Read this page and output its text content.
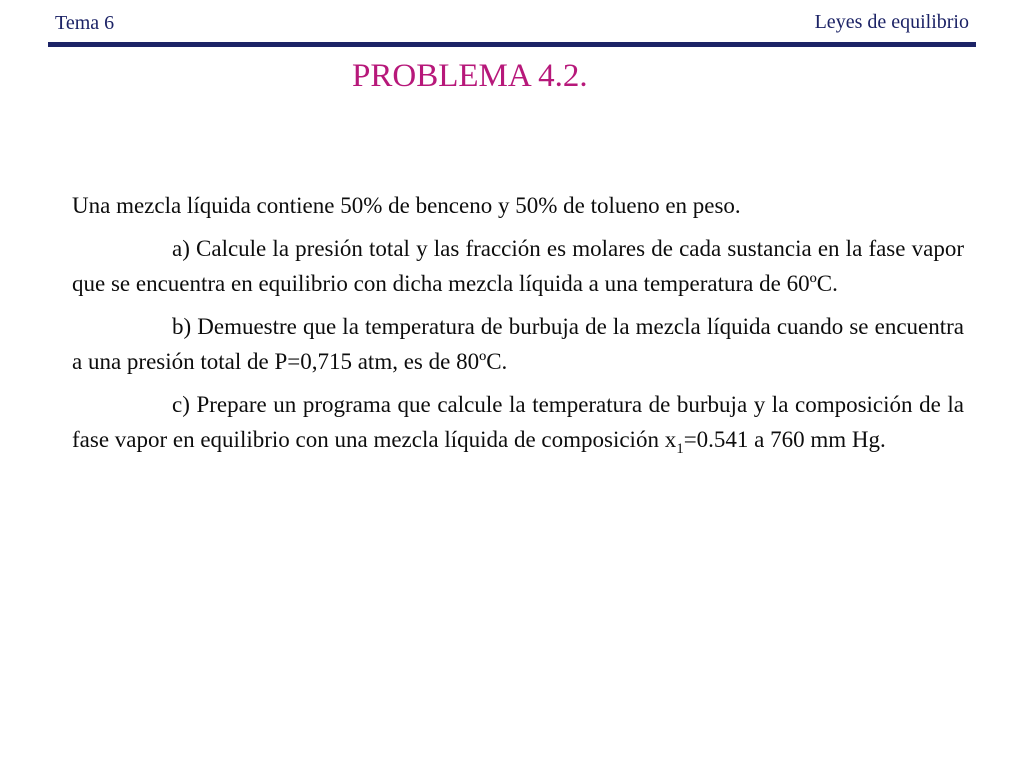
Tema 6	Leyes de equilibrio
PROBLEMA 4.2.

Una mezcla líquida contiene 50% de benceno y 50% de tolueno en peso.

a) Calcule la presión total y las fracción es molares de cada sustancia en la fase vapor que se encuentra en equilibrio con dicha mezcla líquida a una temperatura de 60ºC.

b) Demuestre que la temperatura de burbuja de la mezcla líquida cuando se encuentra a una presión total de P=0,715 atm, es de 80ºC.

c) Prepare un programa que calcule la temperatura de burbuja y la composición de la fase vapor en equilibrio con una mezcla líquida de composición $x_1=0.541$ a 760 mm Hg.
